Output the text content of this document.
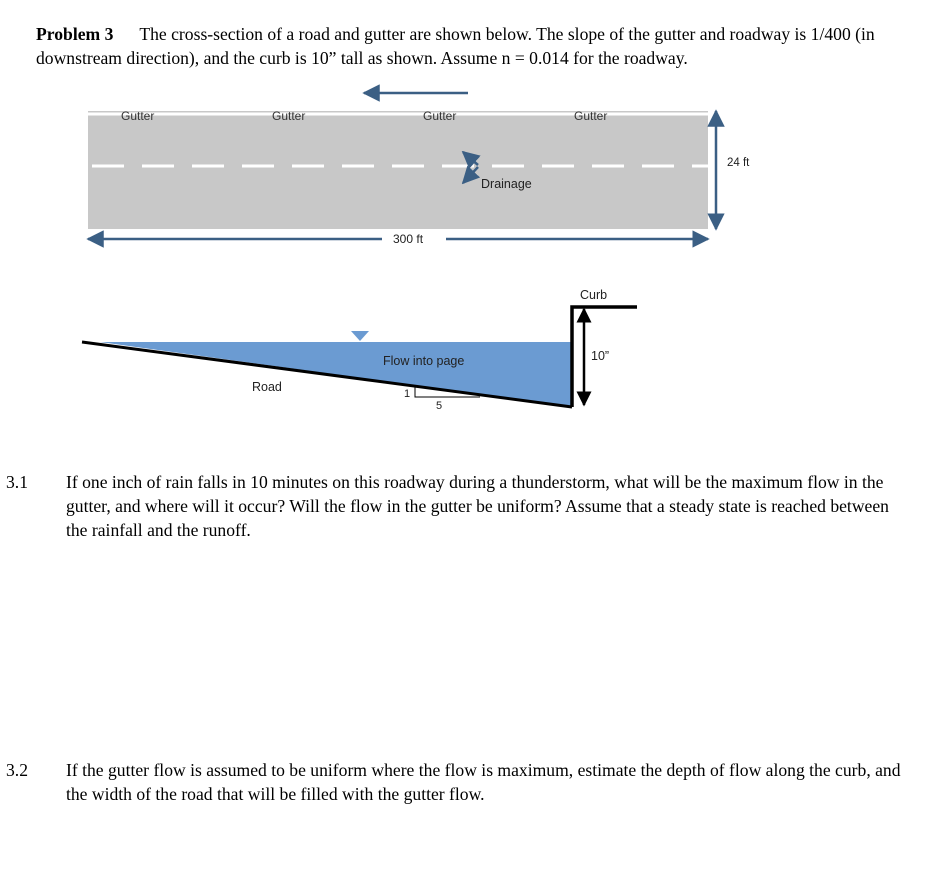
Problem 3 The cross-section of a road and gutter are shown below. The slope of the gutter and roadway is 1/400 (in downstream direction), and the curb is 10” tall as shown. Assume n = 0.014 for the roadway.
Gutter	Gutter	Gutter	Gutter
Drainage
300 ft
24 ft
Curb
10”
Flow into page
Road	1
5

3.1 If one inch of rain falls in 10 minutes on this roadway during a thunderstorm, what will be the maximum flow in the gutter, and where will it occur? Will the flow in the gutter be uniform? Assume that a steady state is reached between the rainfall and the runoff.

3.2 If the gutter flow is assumed to be uniform where the flow is maximum, estimate the depth of flow along the curb, and the width of the road that will be filled with the gutter flow.
